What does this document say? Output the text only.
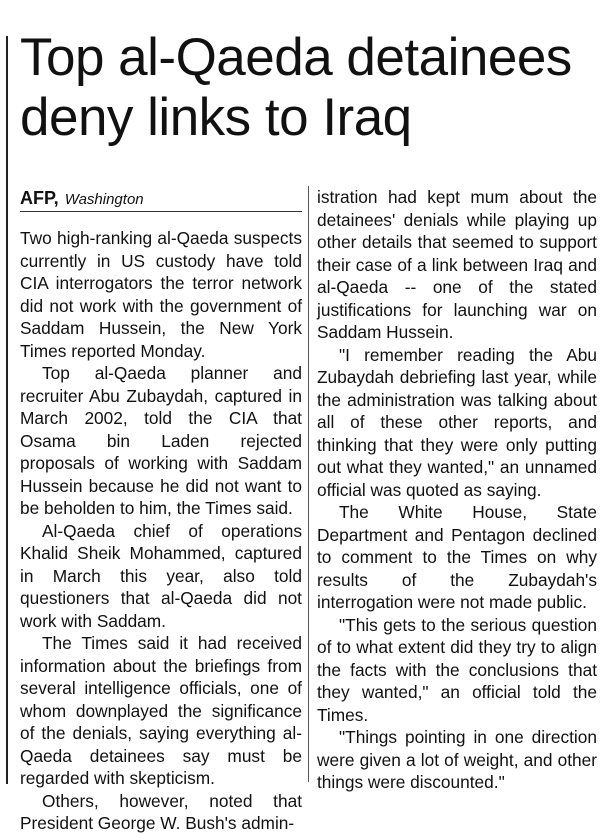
Top al-Qaeda detainees deny links to Iraq
AFP, Washington

Two high-ranking al-Qaeda suspects currently in US custody have told CIA interrogators the terror network did not work with the government of Saddam Hussein, the New York Times reported Monday.

Top al-Qaeda planner and recruiter Abu Zubaydah, captured in March 2002, told the CIA that Osama bin Laden rejected proposals of working with Saddam Hussein because he did not want to be beholden to him, the Times said.

Al-Qaeda chief of operations Khalid Sheik Mohammed, captured in March this year, also told questioners that al-Qaeda did not work with Saddam.

The Times said it had received information about the briefings from several intelligence officials, one of whom downplayed the significance of the denials, saying everything al-Qaeda detainees say must be regarded with skepticism.

Others, however, noted that President George W. Bush's admin-

istration had kept mum about the detainees' denials while playing up other details that seemed to support their case of a link between Iraq and al-Qaeda -- one of the stated justifications for launching war on Saddam Hussein.

"I remember reading the Abu Zubaydah debriefing last year, while the administration was talking about all of these other reports, and thinking that they were only putting out what they wanted," an unnamed official was quoted as saying.

The White House, State Department and Pentagon declined to comment to the Times on why results of the Zubaydah's interrogation were not made public.

"This gets to the serious question of to what extent did they try to align the facts with the conclusions that they wanted," an official told the Times.

"Things pointing in one direction were given a lot of weight, and other things were discounted."
